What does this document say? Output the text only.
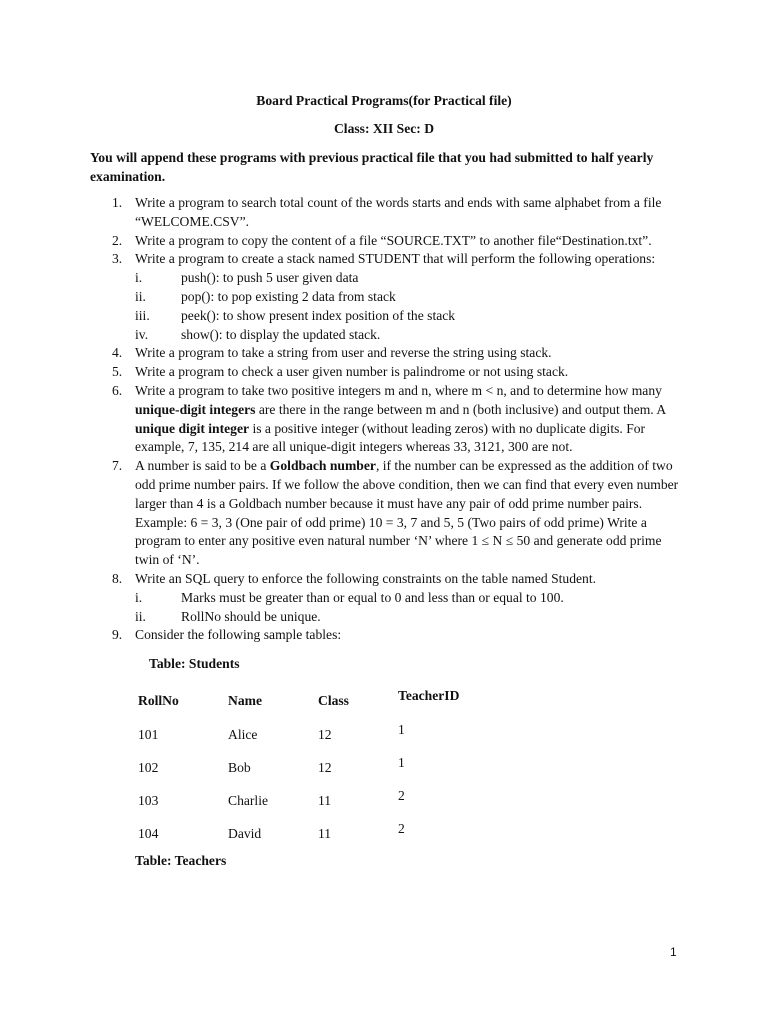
Board Practical Programs(for Practical file)
Class: XII Sec: D
You will append these programs with previous practical file that you had submitted to half yearly examination.
1. Write a program to search total count of the words starts and ends with same alphabet from a file “WELCOME.CSV”.
2. Write a program to copy the content of a file “SOURCE.TXT” to another file“Destination.txt”.
3. Write a program to create a stack named STUDENT that will perform the following operations:
i.	push(): to push 5 user given data
ii.	pop(): to pop existing 2 data from stack
iii. peek(): to show present index position of the stack
iv. show(): to display the updated stack.
4. Write a program to take a string from user and reverse the string using stack.
5. Write a program to check a user given number is palindrome or not using stack.
6. Write a program to take two positive integers m and n, where m < n, and to determine how many unique-digit integers are there in the range between m and n (both inclusive) and output them. A unique digit integer is a positive integer (without leading zeros) with no duplicate digits. For example, 7, 135, 214 are all unique-digit integers whereas 33, 3121, 300 are not.
7. A number is said to be a Goldbach number, if the number can be expressed as the addition of two odd prime number pairs. If we follow the above condition, then we can find that every even number larger than 4 is a Goldbach number because it must have any pair of odd prime number pairs. Example: 6 = 3, 3 (One pair of odd prime) 10 = 3, 7 and 5, 5 (Two pairs of odd prime) Write a program to enter any positive even natural number ‘N’ where 1 ≤ N ≤ 50 and generate odd prime twin of ‘N’.
8. Write an SQL query to enforce the following constraints on the table named Student.
i.	Marks must be greater than or equal to 0 and less than or equal to 100.
ii.	RollNo should be unique.
9. Consider the following sample tables:
Table: Students
RollNo	Name	Class	TeacherID
101	Alice	12	1
102	Bob	12	1
103	Charlie	11	2
104	David	11	2
Table: Teachers
1
